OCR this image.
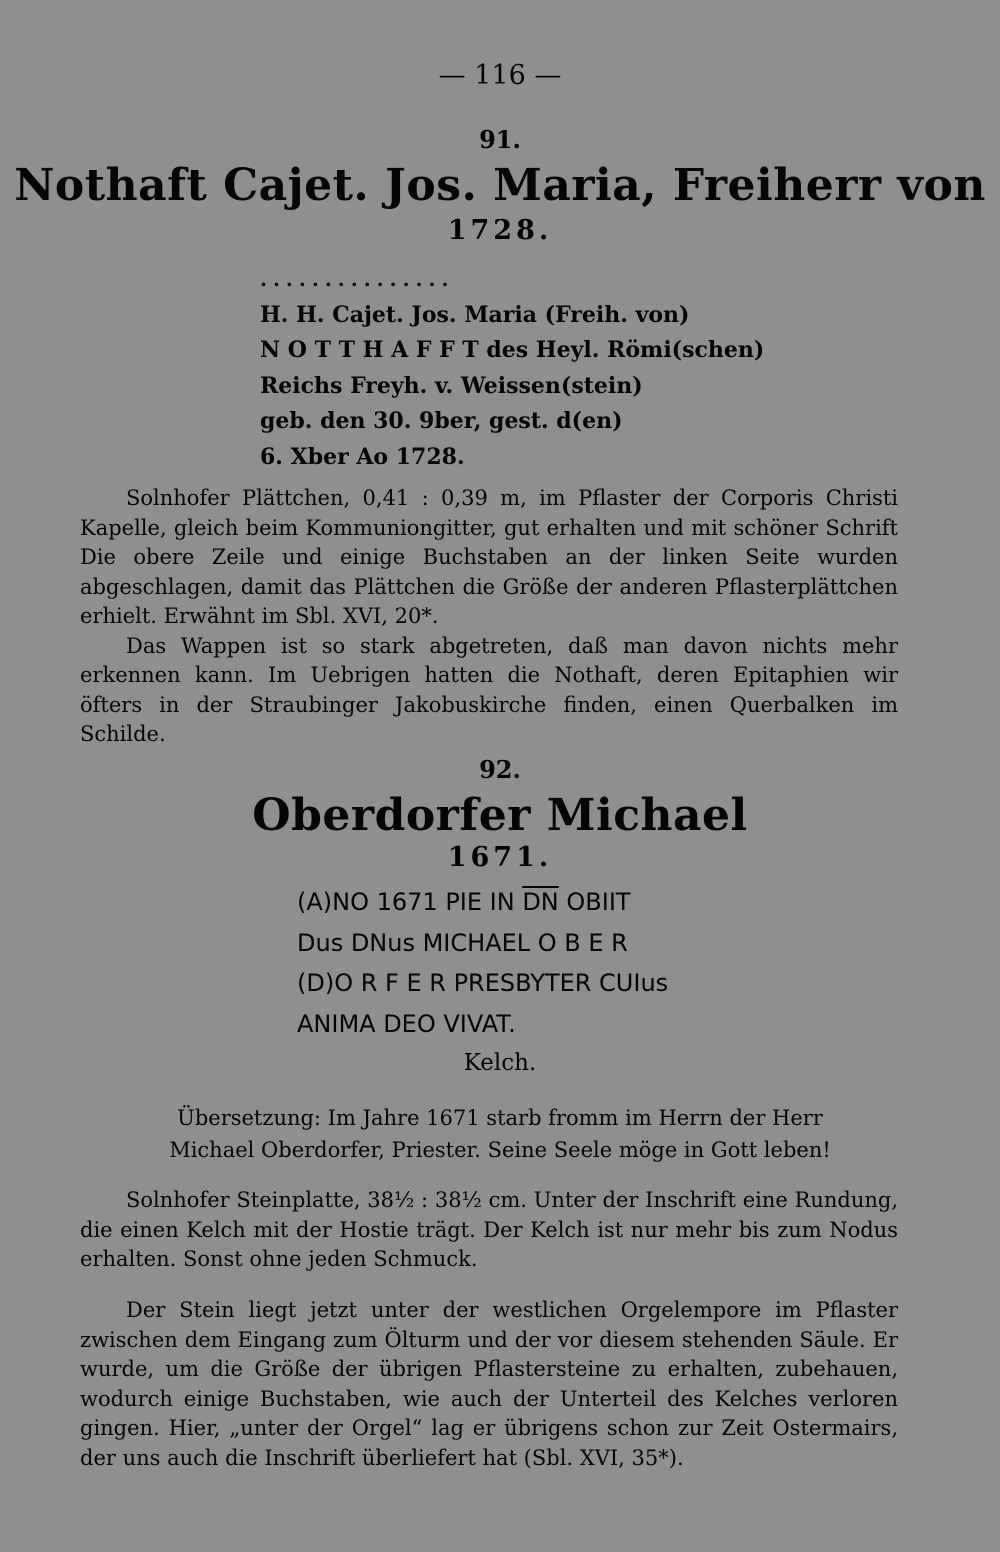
— 116 —
91.
Nothaft Cajet. Jos. Maria, Freiherr von
1728.
...............
H. H. Cajet. Jos. Maria (Freih. von)
N O T T H A F F T des Heyl. Römi(schen)
Reichs Freyh. v. Weissen(stein)
geb. den 30. 9ber, gest. d(en)
6. Xber Ao 1728.

Solnhofer Plättchen, 0,41 : 0,39 m, im Pflaster der Corporis Christi Kapelle, gleich beim Kommuniongitter, gut erhalten und mit schöner Schrift Die obere Zeile und einige Buchstaben an der linken Seite wurden abgeschlagen, damit das Plättchen die Größe der anderen Pflasterplättchen erhielt. Erwähnt im Sbl. XVI, 20*.

Das Wappen ist so stark abgetreten, daß man davon nichts mehr erkennen kann. Im Uebrigen hatten die Nothaft, deren Epitaphien wir öfters in der Straubinger Jakobuskirche finden, einen Querbalken im Schilde.

92.
Oberdorfer Michael
1671.
(A)NO 1671 PIE IN $\overline{DN}$ OBIIT
Dus DNus MICHAEL O B E R
(D)O R F E R PRESBYTER CUIus
ANIMA DEO VIVAT.
Kelch.
Übersetzung: Im Jahre 1671 starb fromm im Herrn der Herr
Michael Oberdorfer, Priester. Seine Seele möge in Gott leben!

Solnhofer Steinplatte, 38½ : 38½ cm. Unter der Inschrift eine Rundung, die einen Kelch mit der Hostie trägt. Der Kelch ist nur mehr bis zum Nodus erhalten. Sonst ohne jeden Schmuck.

Der Stein liegt jetzt unter der westlichen Orgelempore im Pflaster zwischen dem Eingang zum Ölturm und der vor diesem stehenden Säule. Er wurde, um die Größe der übrigen Pflastersteine zu erhalten, zubehauen, wodurch einige Buchstaben, wie auch der Unterteil des Kelches verloren gingen. Hier, „unter der Orgel“ lag er übrigens schon zur Zeit Ostermairs, der uns auch die Inschrift überliefert hat (Sbl. XVI, 35*).
